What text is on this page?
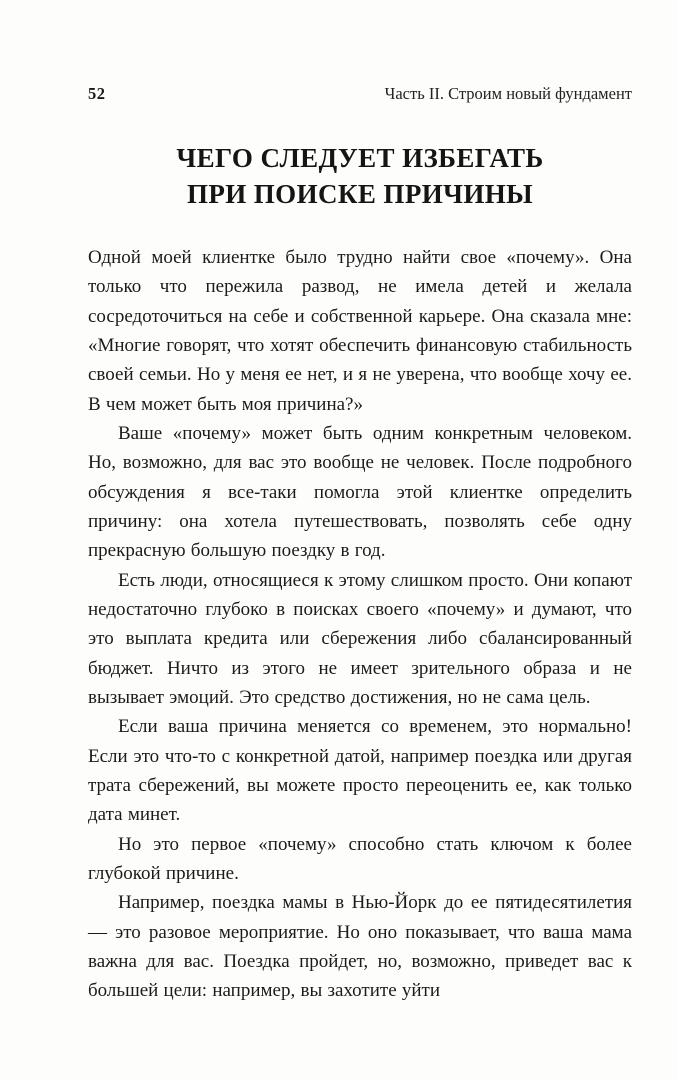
52	Часть II. Строим новый фундамент
ЧЕГО СЛЕДУЕТ ИЗБЕГАТЬ
ПРИ ПОИСКЕ ПРИЧИНЫ

Одной моей клиентке было трудно найти свое «почему». Она только что пережила развод, не имела детей и желала сосредоточиться на себе и собственной карьере. Она сказала мне: «Многие говорят, что хотят обеспечить финансовую стабильность своей семьи. Но у меня ее нет, и я не уверена, что вообще хочу ее. В чем может быть моя причина?»

Ваше «почему» может быть одним конкретным человеком. Но, возможно, для вас это вообще не человек. После подробного обсуждения я все-таки помогла этой клиентке определить причину: она хотела путешествовать, позволять себе одну прекрасную большую поездку в год.

Есть люди, относящиеся к этому слишком просто. Они копают недостаточно глубоко в поисках своего «почему» и думают, что это выплата кредита или сбережения либо сбалансированный бюджет. Ничто из этого не имеет зрительного образа и не вызывает эмоций. Это средство достижения, но не сама цель.

Если ваша причина меняется со временем, это нормально! Если это что-то с конкретной датой, например поездка или другая трата сбережений, вы можете просто переоценить ее, как только дата минет.

Но это первое «почему» способно стать ключом к более глубокой причине.

Например, поездка мамы в Нью-Йорк до ее пятидесятилетия — это разовое мероприятие. Но оно показывает, что ваша мама важна для вас. Поездка пройдет, но, возможно, приведет вас к большей цели: например, вы захотите уйти
